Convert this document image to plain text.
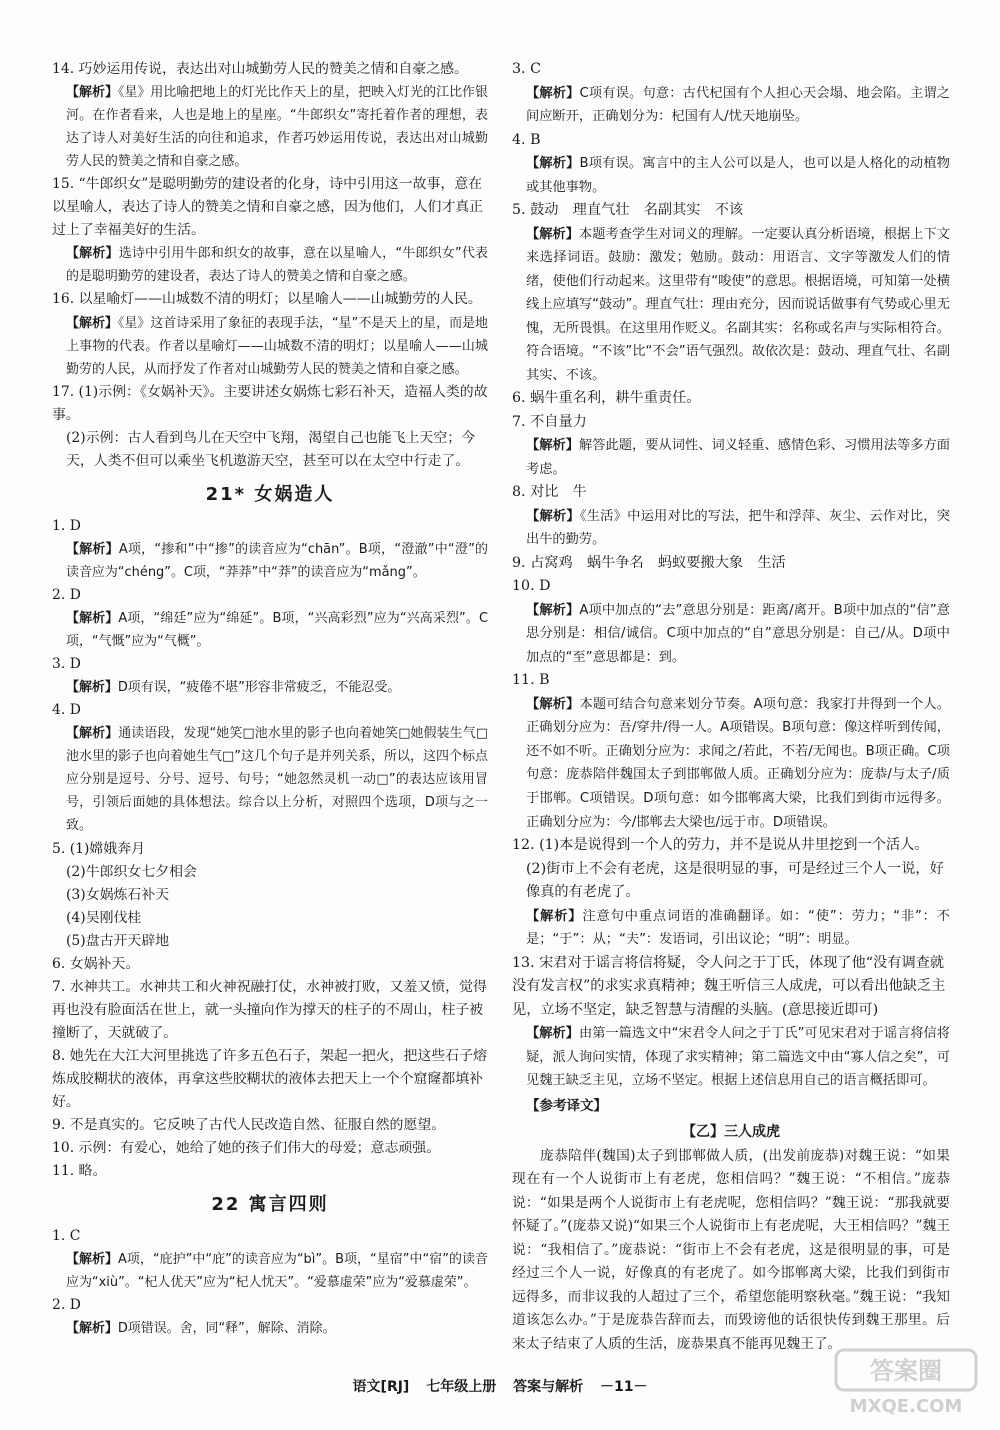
14. 巧妙运用传说，表达出对山城勤劳人民的赞美之情和自豪之感。

【解析】《星》用比喻把地上的灯光比作天上的星，把映入灯光的江比作银河。在作者看来，人也是地上的星座。“牛郎织女”寄托着作者的理想，表达了诗人对美好生活的向往和追求，作者巧妙运用传说，表达出对山城勤劳人民的赞美之情和自豪之感。

15. “牛郎织女”是聪明勤劳的建设者的化身，诗中引用这一故事，意在以星喻人，表达了诗人的赞美之情和自豪之感，因为他们，人们才真正过上了幸福美好的生活。

【解析】选诗中引用牛郎和织女的故事，意在以星喻人，“牛郎织女”代表的是聪明勤劳的建设者，表达了诗人的赞美之情和自豪之感。

16. 以星喻灯——山城数不清的明灯；以星喻人——山城勤劳的人民。

【解析】《星》这首诗采用了象征的表现手法，“星”不是天上的星，而是地上事物的代表。作者以星喻灯——山城数不清的明灯；以星喻人——山城勤劳的人民，从而抒发了作者对山城勤劳人民的赞美之情和自豪之感。

17. (1)示例：《女娲补天》。主要讲述女娲炼七彩石补天，造福人类的故事。

(2)示例：古人看到鸟儿在天空中飞翔，渴望自己也能飞上天空；今天，人类不但可以乘坐飞机遨游天空，甚至可以在太空中行走了。

21* 女娲造人

1. D

【解析】A项，“掺和”中“掺”的读音应为“chān”。B项，“澄澈”中“澄”的读音应为“chéng”。C项，“莽莽”中“莽”的读音应为“mǎng”。

2. D

【解析】A项，“绵廷”应为“绵延”。B项，“兴高彩烈”应为“兴高采烈”。C项，“气慨”应为“气概”。

3. D

【解析】D项有误，“疲倦不堪”形容非常疲乏，不能忍受。

4. D

【解析】通读语段，发现“她笑□池水里的影子也向着她笑□她假装生气□池水里的影子也向着她生气□”这几个句子是并列关系，所以，这四个标点应分别是逗号、分号、逗号、句号；“她忽然灵机一动□”的表达应该用冒号，引领后面她的具体想法。综合以上分析，对照四个选项，D项与之一致。

5. (1)嫦娥奔月

(2)牛郎织女七夕相会

(3)女娲炼石补天

(4)吴刚伐桂

(5)盘古开天辟地

6. 女娲补天。

7. 水神共工。水神共工和火神祝融打仗，水神被打败，又羞又愤，觉得再也没有脸面活在世上，就一头撞向作为撑天的柱子的不周山，柱子被撞断了，天就破了。

8. 她先在大江大河里挑选了许多五色石子，架起一把火，把这些石子熔炼成胶糊状的液体，再拿这些胶糊状的液体去把天上一个个窟窿都填补好。

9. 不是真实的。它反映了古代人民改造自然、征服自然的愿望。

10. 示例：有爱心，她给了她的孩子们伟大的母爱；意志顽强。

11. 略。

22 寓言四则

1. C

【解析】A项，“庇护”中“庇”的读音应为“bì”。B项，“星宿”中“宿”的读音应为“xiù”。“杞人优天”应为“杞人忧天”。“爱慕虚荣”应为“爱慕虚荣”。

2. D

【解析】D项错误。舍，同“释”，解除、消除。

3. C

【解析】C项有误。句意：古代杞国有个人担心天会塌、地会陷。主谓之间应断开，正确划分为：杞国有人/忧天地崩坠。

4. B

【解析】B项有误。寓言中的主人公可以是人，也可以是人格化的动植物或其他事物。

5. 鼓动　理直气壮　名副其实　不该

【解析】本题考查学生对词义的理解。一定要认真分析语境，根据上下文来选择词语。鼓励：激发；勉励。鼓动：用语言、文字等激发人们的情绪，使他们行动起来。这里带有“唆使”的意思。根据语境，可知第一处横线上应填写“鼓动”。理直气壮：理由充分，因而说话做事有气势或心里无愧，无所畏惧。在这里用作贬义。名副其实：名称或名声与实际相符合。符合语境。“不该”比“不会”语气强烈。故依次是：鼓动、理直气壮、名副其实、不该。

6. 蜗牛重名利，耕牛重责任。

7. 不自量力

【解析】解答此题，要从词性、词义轻重、感情色彩、习惯用法等多方面考虑。

8. 对比　牛

【解析】《生活》中运用对比的写法，把牛和浮萍、灰尘、云作对比，突出牛的勤劳。

9. 占窝鸡　蜗牛争名　蚂蚁要搬大象　生活

10. D

【解析】A项中加点的“去”意思分别是：距离/离开。B项中加点的“信”意思分别是：相信/诚信。C项中加点的“自”意思分别是：自己/从。D项中加点的“至”意思都是：到。

11. B

【解析】本题可结合句意来划分节奏。A项句意：我家打井得到一个人。正确划分应为：吾/穿井/得一人。A项错误。B项句意：像这样听到传闻，还不如不听。正确划分应为：求闻之/若此，不若/无闻也。B项正确。C项句意：庞恭陪伴魏国太子到邯郸做人质。正确划分应为：庞恭/与太子/质于邯郸。C项错误。D项句意：如今邯郸离大梁，比我们到街市远得多。正确划分应为：今/邯郸去大梁也/远于市。D项错误。

12. (1)本是说得到一个人的劳力，并不是说从井里挖到一个活人。

(2)街市上不会有老虎，这是很明显的事，可是经过三个人一说，好像真的有老虎了。

【解析】注意句中重点词语的准确翻译。如：“使”：劳力；“非”：不是；“于”：从；“夫”：发语词，引出议论；“明”：明显。

13. 宋君对于谣言将信将疑，令人问之于丁氏，体现了他“没有调查就没有发言权”的求实求真精神；魏王听信三人成虎，可以看出他缺乏主见，立场不坚定，缺乏智慧与清醒的头脑。(意思接近即可)

【解析】由第一篇选文中“宋君令人问之于丁氏”可见宋君对于谣言将信将疑，派人询问实情，体现了求实精神；第二篇选文中由“寡人信之矣”，可见魏王缺乏主见，立场不坚定。根据上述信息用自己的语言概括即可。

【参考译文】
【乙】三人成虎

庞恭陪伴(魏国)太子到邯郸做人质，(出发前庞恭)对魏王说：“如果现在有一个人说街市上有老虎，您相信吗？”魏王说：“不相信。”庞恭说：“如果是两个人说街市上有老虎呢，您相信吗？”魏王说：“那我就要怀疑了。”(庞恭又说)“如果三个人说街市上有老虎呢，大王相信吗？”魏王说：“我相信了。”庞恭说：“街市上不会有老虎，这是很明显的事，可是经过三个人一说，好像真的有老虎了。如今邯郸离大梁，比我们到街市远得多，而非议我的人超过了三个，希望您能明察秋毫。”魏王说：“我知道该怎么办。”于是庞恭告辞而去，而毁谤他的话很快传到魏王那里。后来太子结束了人质的生活，庞恭果真不能再见魏王了。

语文[RJ] 七年级上册 答案与解析 －11－
答案圈
MXQE.COM
